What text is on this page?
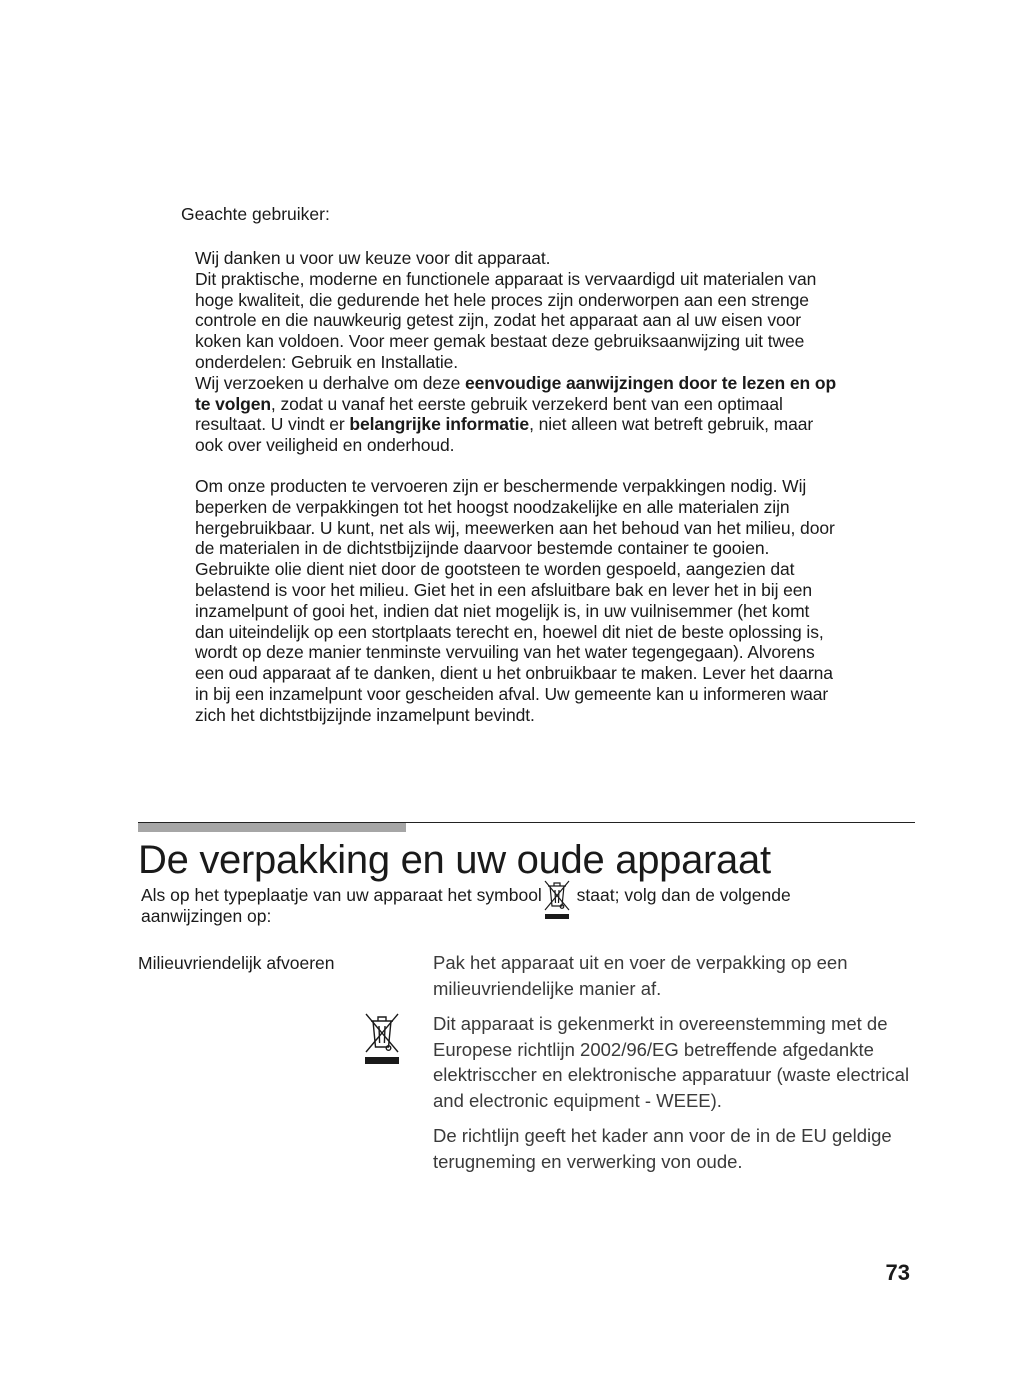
Geachte gebruiker:

Wij danken u voor uw keuze voor dit apparaat.

Dit praktische, moderne en functionele apparaat is vervaardigd uit materialen van hoge kwaliteit, die gedurende het hele proces zijn onderworpen aan een strenge controle en die nauwkeurig getest zijn, zodat het apparaat aan al uw eisen voor koken kan voldoen. Voor meer gemak bestaat deze gebruiksaanwijzing uit twee onderdelen: Gebruik en Installatie.

Wij verzoeken u derhalve om deze eenvoudige aanwijzingen door te lezen en op te volgen, zodat u vanaf het eerste gebruik verzekerd bent van een optimaal resultaat. U vindt er belangrijke informatie, niet alleen wat betreft gebruik, maar ook over veiligheid en onderhoud.

Om onze producten te vervoeren zijn er beschermende verpakkingen nodig. Wij beperken de verpakkingen tot het hoogst noodzakelijke en alle materialen zijn hergebruikbaar. U kunt, net als wij, meewerken aan het behoud van het milieu, door de materialen in de dichtstbijzijnde daarvoor bestemde container te gooien. Gebruikte olie dient niet door de gootsteen te worden gespoeld, aangezien dat belastend is voor het milieu. Giet het in een afsluitbare bak en lever het in bij een inzamelpunt of gooi het, indien dat niet mogelijk is, in uw vuilnisemmer (het komt dan uiteindelijk op een stortplaats terecht en, hoewel dit niet de beste oplossing is, wordt op deze manier tenminste vervuiling van het water tegengegaan). Alvorens een oud apparaat af te danken, dient u het onbruikbaar te maken. Lever het daarna in bij een inzamelpunt voor gescheiden afval. Uw gemeente kan u informeren waar zich het dichtstbijzijnde inzamelpunt bevindt.

De verpakking en uw oude apparaat
Als op het typeplaatje van uw apparaat het symbool
staat; volg dan de volgende aanwijzingen op:
Milieuvriendelijk afvoeren	Pak het apparaat uit en voer de verpakking op een milieuvriendelijke manier af.

Dit apparaat is gekenmerkt in overeenstemming met de Europese richtlijn 2002/96/EG betreffende afgedankte elektrisccher en elektronische apparatuur (waste electrical and electronic equipment - WEEE).

De richtlijn geeft het kader ann voor de in de EU geldige terugneming en verwerking von oude.

73
